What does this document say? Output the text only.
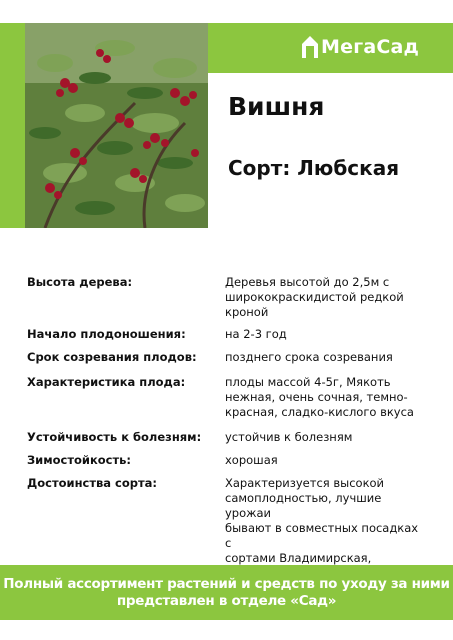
МегаСад
Вишня
Сорт: Любская
Высота дерева:	Деревья высотой до 2,5м с
ширококраскидистой редкой
кроной
Начало плодоношения:	на 2-3 год
Срок созревания плодов:	позднего срока созревания
Характеристика плода:	плоды массой 4-5г, Мякоть
нежная, очень сочная, темно-
красная, сладко-кислого вкуса
Устойчивость к болезням:	устойчив к болезням
Зимостойкость:	хорошая
Достоинства сорта:	Характеризуется высокой
самоплодностью, лучшие урожаи
бывают в совместных посадках с
сортами Владимирская,

Полный ассортимент растений и средств по уходу за ними
представлен в отделе «Сад»
